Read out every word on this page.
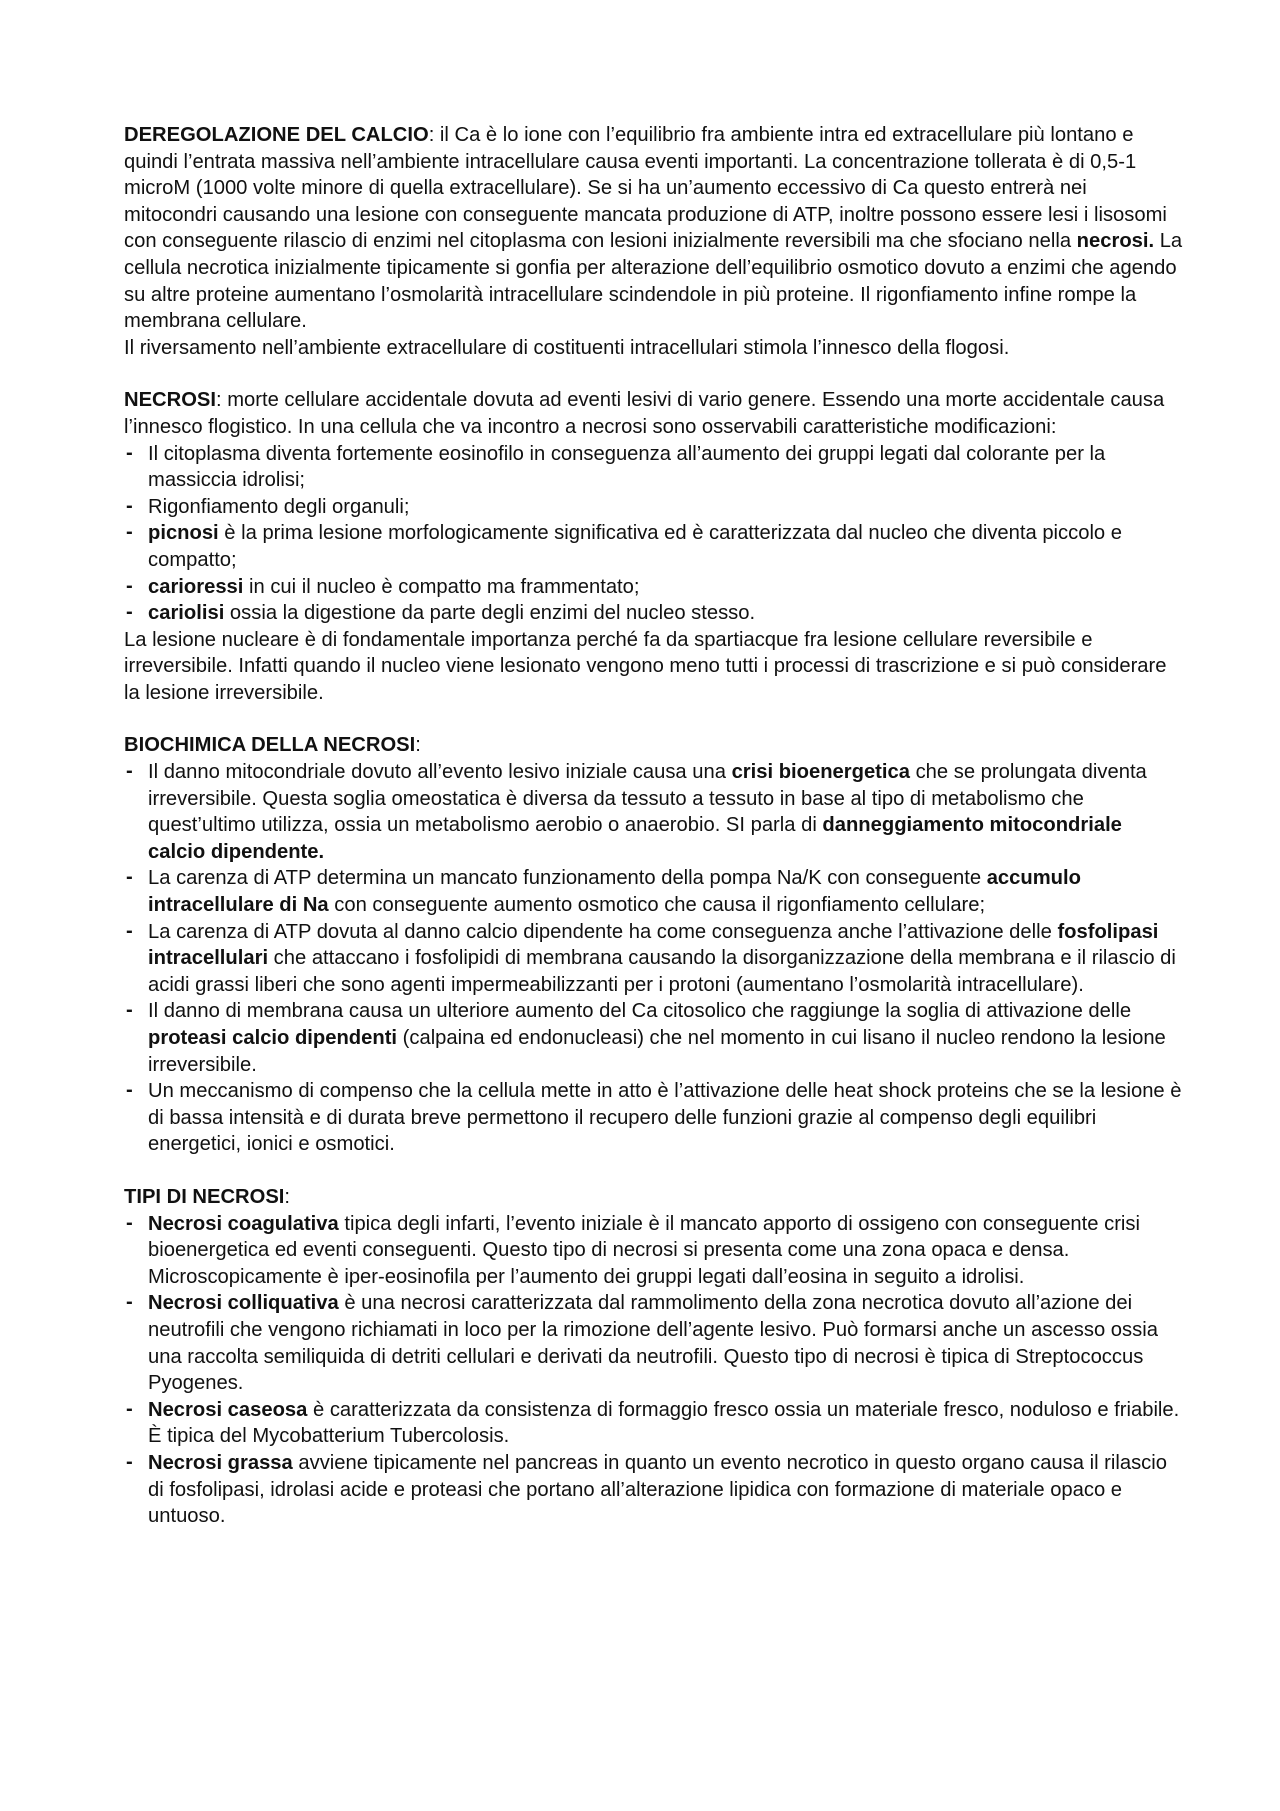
DEREGOLAZIONE DEL CALCIO: il Ca è lo ione con l’equilibrio fra ambiente intra ed extracellulare più lontano e quindi l’entrata massiva nell’ambiente intracellulare causa eventi importanti. La concentrazione tollerata è di 0,5-1 microM (1000 volte minore di quella extracellulare). Se si ha un’aumento eccessivo di Ca questo entrerà nei mitocondri causando una lesione con conseguente mancata produzione di ATP, inoltre possono essere lesi i lisosomi con conseguente rilascio di enzimi nel citoplasma con lesioni inizialmente reversibili ma che sfociano nella necrosi. La cellula necrotica inizialmente tipicamente si gonfia per alterazione dell’equilibrio osmotico dovuto a enzimi che agendo su altre proteine aumentano l’osmolarità intracellulare scindendole in più proteine. Il rigonfiamento infine rompe la membrana cellulare.

Il riversamento nell’ambiente extracellulare di costituenti intracellulari stimola l’innesco della flogosi.

NECROSI: morte cellulare accidentale dovuta ad eventi lesivi di vario genere. Essendo una morte accidentale causa l’innesco flogistico. In una cellula che va incontro a necrosi sono osservabili caratteristiche modificazioni:

- Il citoplasma diventa fortemente eosinofilo in conseguenza all’aumento dei gruppi legati dal colorante per la massiccia idrolisi;
- Rigonfiamento degli organuli;
- picnosi è la prima lesione morfologicamente significativa ed è caratterizzata dal nucleo che diventa piccolo e compatto;
- carioressi in cui il nucleo è compatto ma frammentato;
- cariolisi ossia la digestione da parte degli enzimi del nucleo stesso.

La lesione nucleare è di fondamentale importanza perché fa da spartiacque fra lesione cellulare reversibile e irreversibile. Infatti quando il nucleo viene lesionato vengono meno tutti i processi di trascrizione e si può considerare la lesione irreversibile.

BIOCHIMICA DELLA NECROSI:

- Il danno mitocondriale dovuto all’evento lesivo iniziale causa una crisi bioenergetica che se prolungata diventa irreversibile. Questa soglia omeostatica è diversa da tessuto a tessuto in base al tipo di metabolismo che quest’ultimo utilizza, ossia un metabolismo aerobio o anaerobio. SI parla di danneggiamento mitocondriale calcio dipendente.
- La carenza di ATP determina un mancato funzionamento della pompa Na/K con conseguente accumulo intracellulare di Na con conseguente aumento osmotico che causa il rigonfiamento cellulare;
- La carenza di ATP dovuta al danno calcio dipendente ha come conseguenza anche l’attivazione delle fosfolipasi intracellulari che attaccano i fosfolipidi di membrana causando la disorganizzazione della membrana e il rilascio di acidi grassi liberi che sono agenti impermeabilizzanti per i protoni (aumentano l’osmolarità intracellulare).
- Il danno di membrana causa un ulteriore aumento del Ca citosolico che raggiunge la soglia di attivazione delle proteasi calcio dipendenti (calpaina ed endonucleasi) che nel momento in cui lisano il nucleo rendono la lesione irreversibile.
- Un meccanismo di compenso che la cellula mette in atto è l’attivazione delle heat shock proteins che se la lesione è di bassa intensità e di durata breve permettono il recupero delle funzioni grazie al compenso degli equilibri energetici, ionici e osmotici.

TIPI DI NECROSI:

- Necrosi coagulativa tipica degli infarti, l’evento iniziale è il mancato apporto di ossigeno con conseguente crisi bioenergetica ed eventi conseguenti. Questo tipo di necrosi si presenta come una zona opaca e densa. Microscopicamente è iper-eosinofila per l’aumento dei gruppi legati dall’eosina in seguito a idrolisi.
- Necrosi colliquativa è una necrosi caratterizzata dal rammolimento della zona necrotica dovuto all’azione dei neutrofili che vengono richiamati in loco per la rimozione dell’agente lesivo. Può formarsi anche un ascesso ossia una raccolta semiliquida di detriti cellulari e derivati da neutrofili. Questo tipo di necrosi è tipica di Streptococcus Pyogenes.
- Necrosi caseosa è caratterizzata da consistenza di formaggio fresco ossia un materiale fresco, noduloso e friabile. È tipica del Mycobatterium Tubercolosis.
- Necrosi grassa avviene tipicamente nel pancreas in quanto un evento necrotico in questo organo causa il rilascio di fosfolipasi, idrolasi acide e proteasi che portano all’alterazione lipidica con formazione di materiale opaco e untuoso.
